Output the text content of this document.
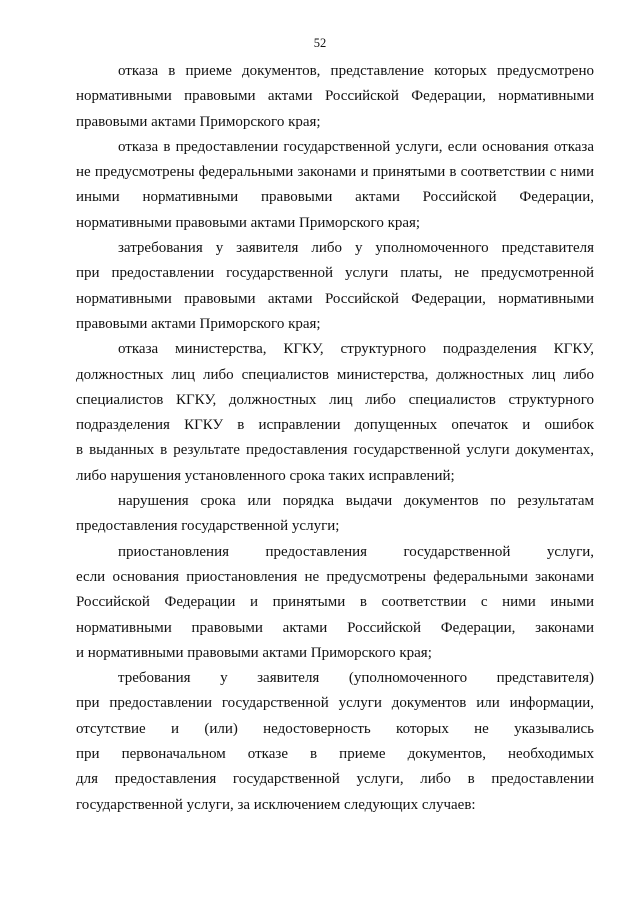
52

отказа в приеме документов, представление которых предусмотрено
нормативными правовыми актами Российской Федерации, нормативными
правовыми актами Приморского края;

отказа в предоставлении государственной услуги, если основания отказа
не предусмотрены федеральными законами и принятыми в соответствии с ними
иными нормативными правовыми актами Российской Федерации,
нормативными правовыми актами Приморского края;

затребования у заявителя либо у уполномоченного представителя
при предоставлении государственной услуги платы, не предусмотренной
нормативными правовыми актами Российской Федерации, нормативными
правовыми актами Приморского края;

отказа министерства, КГКУ, структурного подразделения КГКУ,
должностных лиц либо специалистов министерства, должностных лиц либо
специалистов КГКУ, должностных лиц либо специалистов структурного
подразделения КГКУ в исправлении допущенных опечаток и ошибок
в выданных в результате предоставления государственной услуги документах,
либо нарушения установленного срока таких исправлений;

нарушения срока или порядка выдачи документов по результатам
предоставления государственной услуги;

приостановления предоставления государственной услуги,
если основания приостановления не предусмотрены федеральными законами
Российской Федерации и принятыми в соответствии с ними иными
нормативными правовыми актами Российской Федерации, законами
и нормативными правовыми актами Приморского края;

требования у заявителя (уполномоченного представителя)
при предоставлении государственной услуги документов или информации,
отсутствие и (или) недостоверность которых не указывались
при первоначальном отказе в приеме документов, необходимых
для предоставления государственной услуги, либо в предоставлении
государственной услуги, за исключением следующих случаев:
